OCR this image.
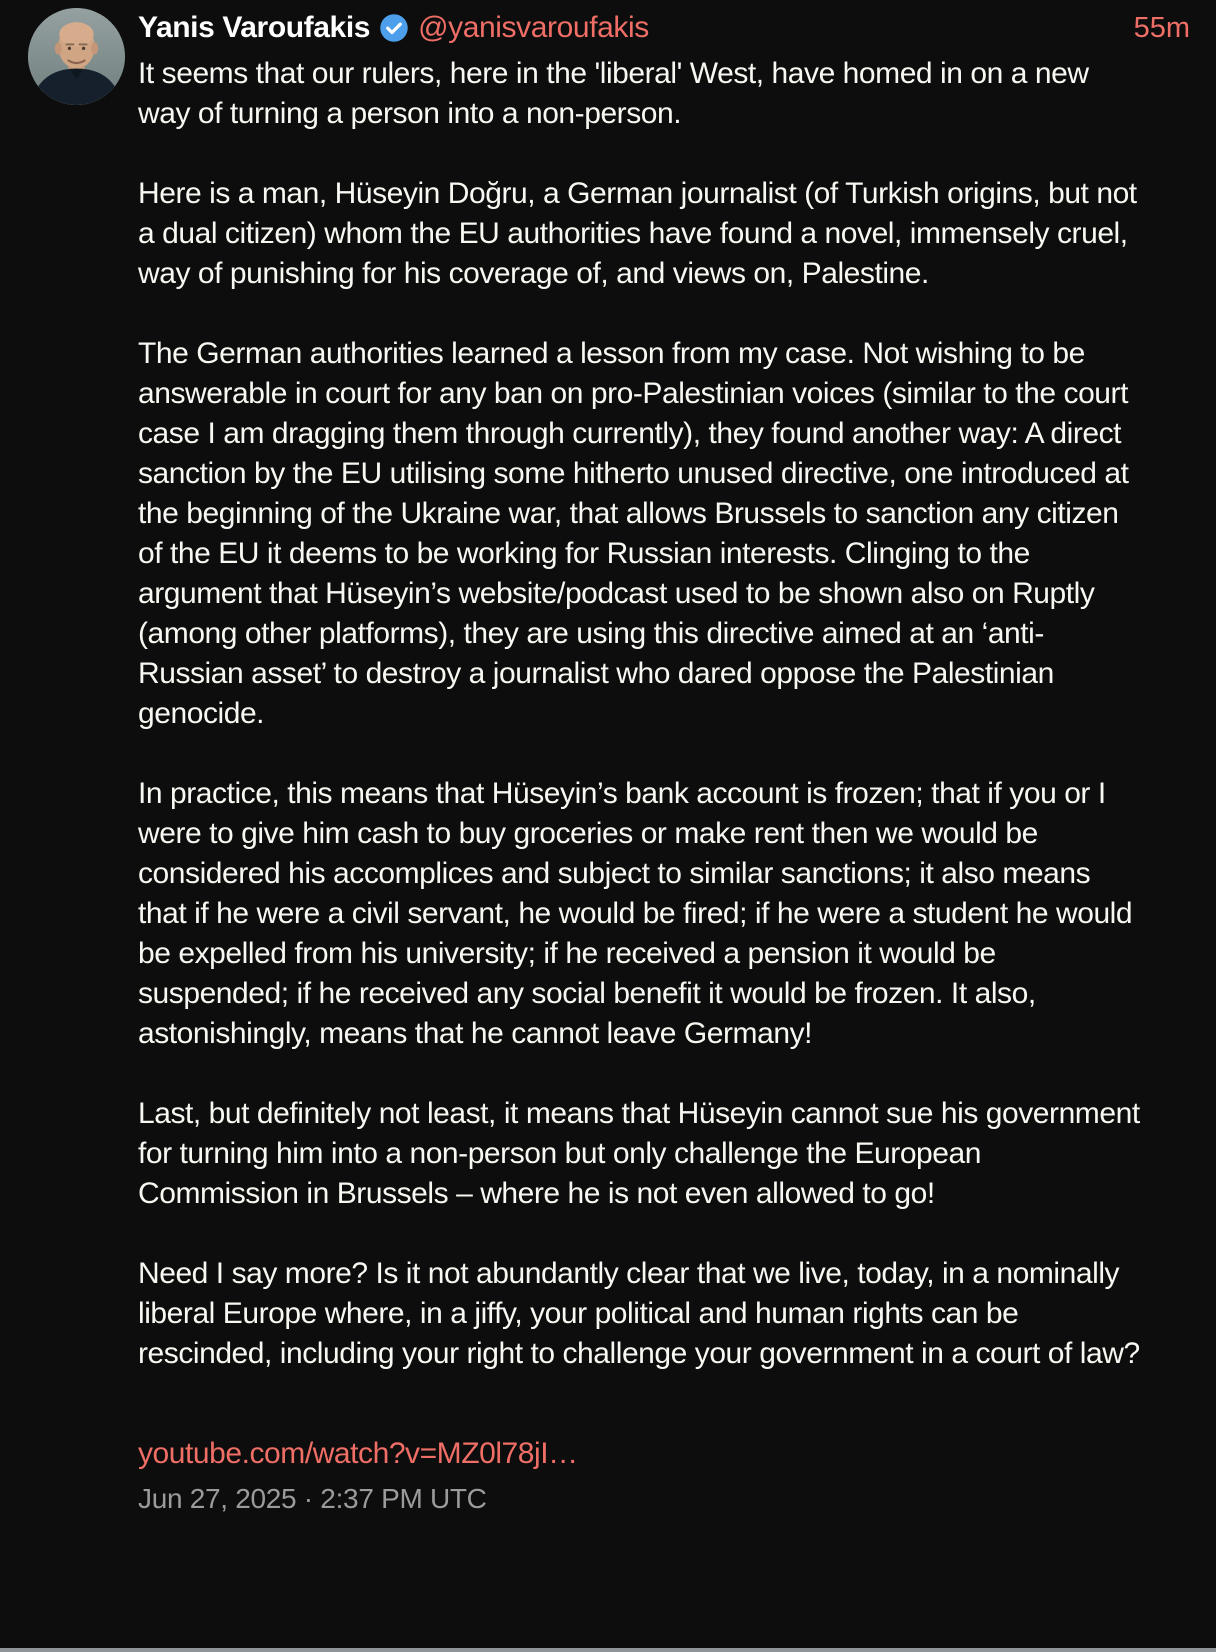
Yanis Varoufakis @yanisvaroufakis	55m

It seems that our rulers, here in the 'liberal' West, have homed in on a new way of turning a person into a non-person.

Here is a man, Hüseyin Doğru, a German journalist (of Turkish origins, but not a dual citizen) whom the EU authorities have found a novel, immensely cruel, way of punishing for his coverage of, and views on, Palestine.

The German authorities learned a lesson from my case. Not wishing to be answerable in court for any ban on pro-Palestinian voices (similar to the court case I am dragging them through currently), they found another way: A direct sanction by the EU utilising some hitherto unused directive, one introduced at the beginning of the Ukraine war, that allows Brussels to sanction any citizen of the EU it deems to be working for Russian interests. Clinging to the argument that Hüseyin’s website/podcast used to be shown also on Ruptly (among other platforms), they are using this directive aimed at an ‘anti-Russian asset’ to destroy a journalist who dared oppose the Palestinian genocide.

In practice, this means that Hüseyin’s bank account is frozen; that if you or I were to give him cash to buy groceries or make rent then we would be considered his accomplices and subject to similar sanctions; it also means that if he were a civil servant, he would be fired; if he were a student he would be expelled from his university; if he received a pension it would be suspended; if he received any social benefit it would be frozen. It also, astonishingly, means that he cannot leave Germany!

Last, but definitely not least, it means that Hüseyin cannot sue his government for turning him into a non-person but only challenge the European Commission in Brussels – where he is not even allowed to go!

Need I say more? Is it not abundantly clear that we live, today, in a nominally liberal Europe where, in a jiffy, your political and human rights can be rescinded, including your right to challenge your government in a court of law?

youtube.com/watch?v=MZ0l78jI…
Jun 27, 2025 · 2:37 PM UTC
